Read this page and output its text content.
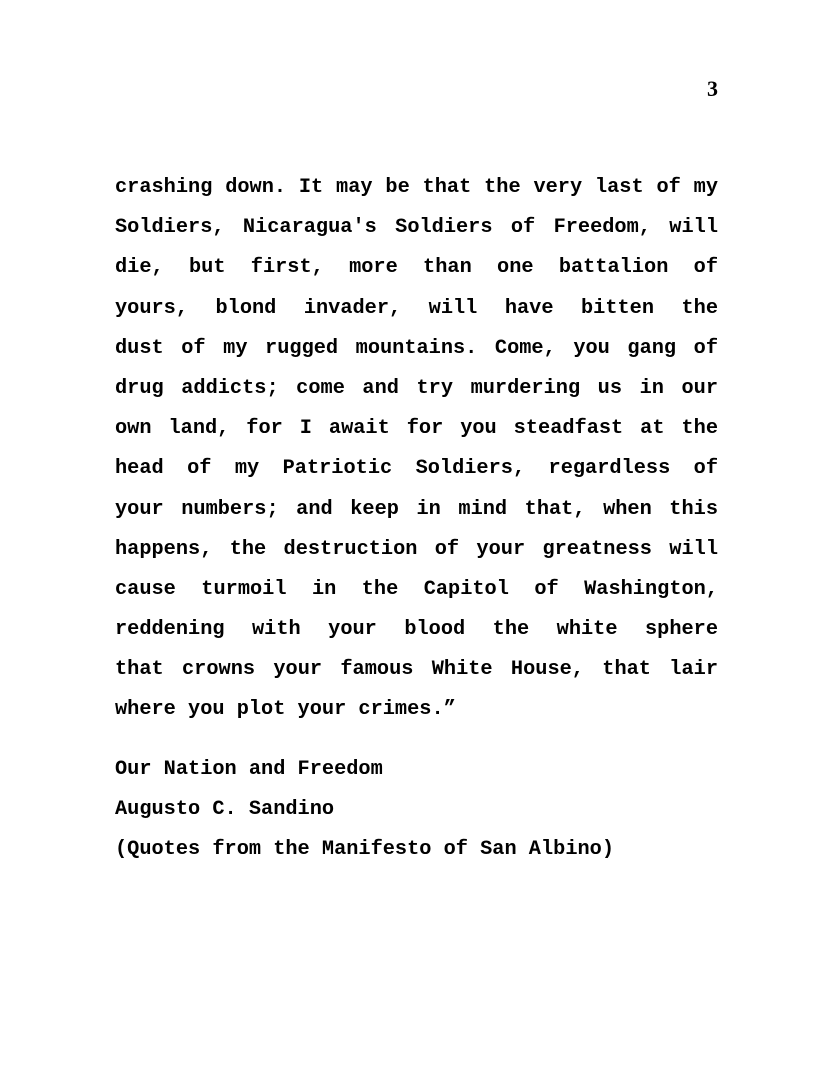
3
crashing down. It may be that the very last of my
Soldiers, Nicaragua's Soldiers of Freedom, will
die, but first, more than one battalion of
yours, blond invader, will have bitten the
dust of my rugged mountains. Come, you gang of
drug addicts; come and try murdering us in our
own land, for I await for you steadfast at the
head of my Patriotic Soldiers, regardless of
your numbers; and keep in mind that, when this
happens, the destruction of your greatness will
cause turmoil in the Capitol of Washington,
reddening with your blood the white sphere
that crowns your famous White House, that lair
where you plot your crimes.”
Our Nation and Freedom
Augusto C. Sandino
(Quotes from the Manifesto of San Albino)
